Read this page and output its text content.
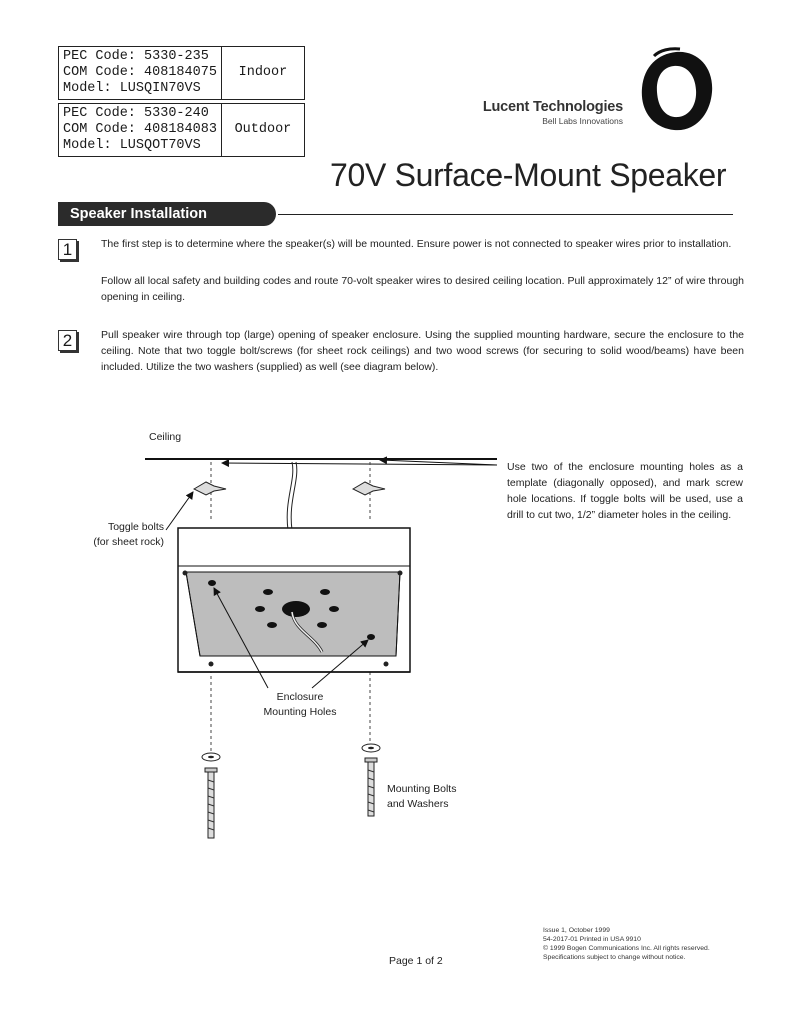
PEC Code: 5330-235
COM Code: 408184075
Model: LUSQIN70VS	Indoor

PEC Code: 5330-240
COM Code: 408184083
Model: LUSQOT70VS	Outdoor
Lucent Technologies
Bell Labs Innovations
70V Surface-Mount Speaker
Speaker Installation
1	The first step is to determine where the speaker(s) will be mounted. Ensure power is not connected to speaker wires prior to installation.

Follow all local safety and building codes and route 70-volt speaker wires to desired ceiling location. Pull approximately 12” of wire through opening in ceiling.

2	Pull speaker wire through top (large) opening of speaker enclosure. Using the supplied mounting hardware, secure the enclosure to the ceiling. Note that two toggle bolt/screws (for sheet rock ceilings) and two wood screws (for securing to solid wood/beams) have been included. Utilize the two washers (supplied) as well (see diagram below).

Ceiling
Toggle bolts
(for sheet rock)
Enclosure
Mounting Holes
Mounting Bolts
and Washers
Use two of the enclosure mounting holes as a template (diagonally opposed), and mark screw hole locations. If toggle bolts will be used, use a drill to cut two, 1/2” diameter holes in the ceiling.
Page 1 of 2
Issue 1, October 1999
54-2017-01 Printed in USA 9910
© 1999 Bogen Communications Inc. All rights reserved.
Specifications subject to change without notice.
